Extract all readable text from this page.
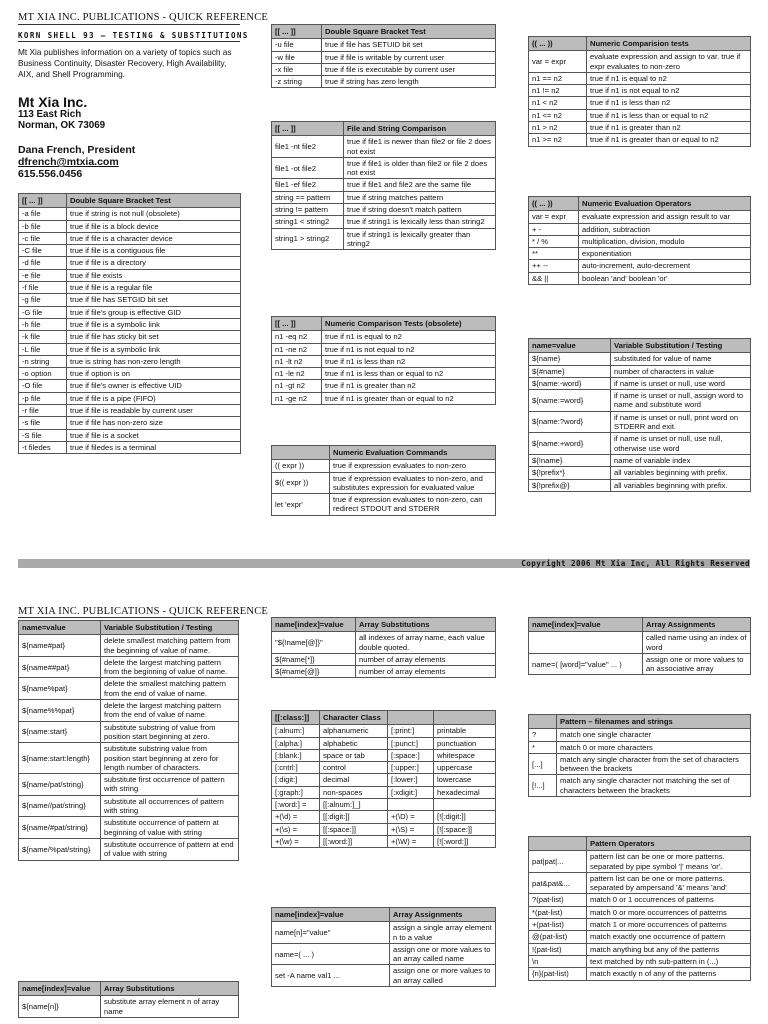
MT XIA INC. PUBLICATIONS - QUICK REFERENCE
KORN SHELL 93 – TESTING & SUBSTITUTIONS
Mt Xia publishes information on a variety of topics such as Business Continuity, Disaster Recovery, High Availability, AIX, and Shell Programming.
Mt Xia Inc.
113 East Rich
Norman, OK 73069
Dana French, President
dfrench@mtxia.com
615.556.0456
[[ ... ]]	Double Square Bracket Test
-a file	true if string is not null (obsolete)
-b file	true if file is a block device
-c file	true if file is a character device
-C file	true if file is a contiguous file
-d file	true if file is a directory
-e file	true if file exists
-f file	true if file is a regular file
-g file	true if file has SETGID bit set
-G file	true if file's group is effective GID
-h file	true if file is a symbolic link
-k file	true if file has sticky bit set
-L file	true if file is a symbolic link
-n string	true is string has non-zero length
-o option	true if option is on
-O file	true if file's owner is effective UID
-p file	true if file is a pipe (FIFO)
-r file	true if file is readable by current user
-s file	true if file has non-zero size
-S file	true if file is a socket
-t filedes	true if filedes is a terminal
[[ ... ]]	Double Square Bracket Test
-u file	true if file has SETUID bit set
-w file	true if file is writable by current user
-x file	true if file is executable by current user
-z string	true if string has zero length
[[ ... ]]	File and String Comparison
file1 -nt file2	true if file1 is newer than file2 or file 2 does not exist
file1 -ot file2	true if file1 is older than file2 or file 2 does not exist
file1 -ef file2	true if file1 and file2 are the same file
string == pattern	true if string matches pattern
string != pattern	true if string doesn't match pattern
string1 < string2	true if string1 is lexically less than string2
string1 > string2	true if string1 is lexically greater than string2
[[ ... ]]	Numeric Comparison Tests (obsolete)
n1 -eq n2	true if n1 is equal to n2
n1 -ne n2	true if n1 is not equal to n2
n1 -lt n2	true if n1 is less than n2
n1 -le n2	true if n1 is less than or equal to n2
n1 -gt n2	true if n1 is greater than n2
n1 -ge n2	true if n1 is greater than or equal to n2
	Numeric Evaluation Commands
(( expr ))	true if expression evaluates to non-zero
$(( expr ))	true if expression evaluates to non-zero, and substitutes expression for evaluated value
let 'expr'	true if expression evaluates to non-zero, can redirect STDOUT and STDERR
(( ... ))	Numeric Comparision tests
var = expr	evaluate expression and assign to var. true if expr evaluates to non-zero
n1 == n2	true if n1 is equal to n2
n1 != n2	true if n1 is not equal to n2
n1 < n2	true if n1 is less than n2
n1 <= n2	true if n1 is less than or equal to n2
n1 > n2	true if n1 is greater than n2
n1 >= n2	true if n1 is greater than or equal to n2
(( ... ))	Numeric Evaluation Operators
var = expr	evaluate expression and assign result to var
+ -	addition, subtraction
* / %	multiplication, division, modulo
**	exponentiation
++ --	auto-increment, auto-decrement
&& ||	boolean 'and' boolean 'or'
name=value	Variable Substitution / Testing
${name}	substituted for value of name
${#name}	number of characters in value
${name:-word}	if name is unset or null, use word
${name:=word}	if name is unset or null, assign word to name and substitute word
${name:?word}	if name is unset or null, print word on STDERR and exit.
${name:+word}	if name is unset or null, use null, otherwise use word
${!name}	name of variable index
${!prefix*}	all variables beginning with prefix.
${!prefix@}	all variables beginning with prefix.
Copyright 2006 Mt Xia Inc, All Rights Reserved
MT XIA INC. PUBLICATIONS - QUICK REFERENCE
name=value	Variable Substitution / Testing
${name#pat}	delete smallest matching pattern from the beginning of value of name.
${name##pat}	delete the largest matching pattern from the beginning of value of name.
${name%pat}	delete the smallest matching pattern from the end of value of name.
${name%%pat}	delete the largest matching pattern from the end of value of name.
${name:start}	substitute substring of value from position start beginning at zero.
${name:start:length}	substitute substring value from position start beginning at zero for length number of characters.
${name/pat/string}	substitute first occurrence of pattern with string
${name//pat/string}	substitute all occurrences of pattern with string
${name/#pat/string}	substitute occurrence of pattern at beginning of value with string
${name/%pat/string}	substitute occurrence of pattern at end of value with string
name[index]=value	Array Substitutions
${name[n]}	substitute array element n of array name
name[index]=value	Array Substitutions
"${!name[@]}"	all indexes of array name, each value double quoted.
${#name[*]}	number of array elements
${#name[@]}	number of array elements
[[:class:]]	Character Class		
[:alnum:]	alphanumeric	[:print:]	printable
[:alpha:]	alphabetic	[:punct:]	punctuation
[:blank:]	space or tab	[:space:]	whitespace
[:cntrl:]	control	[:upper:]	uppercase
[:digit:]	decimal	[:lower:]	lowercase
[:graph:]	non-spaces	[:xdigit:]	hexadecimal
[:word:] =	[[:alnum:]_]		
+(\d) =	[[:digit:]]	+(\D) =	[![:digit:]]
+(\s) =	[[:space:]]	+(\S) =	[![:space:]]
+(\w) =	[[:word:]]	+(\W) =	[![:word:]]
name[index]=value	Array Assignments
name[n]="value"	assign a single array element n to a value
name=( ... )	assign one or more values to an array called name
set -A name val1 ...	assign one or more values to an array called
name[index]=value	Array Assignments
	called name using an index of word
name=( [word]="value" ... )	assign one or more values to an associative array
	Pattern – filenames and strings
?	match one single character
*	match 0 or more characters
[...]	match any single character from the set of characters between the brackets
[!...]	match any single character not matching the set of characters between the brackets
	Pattern Operators
pat|pat|...	pattern list can be one or more patterns. separated by pipe symbol '|' means 'or'.
pat&pat&...	pattern list can be one or more patterns. separated by ampersand '&' means 'and'
?(pat-list)	match 0 or 1 occurrences of patterns
*(pat-list)	match 0 or more occurrences of patterns
+(pat-list)	match 1 or more occurrences of patterns
@(pat-list)	match exactly one occurrence of pattern
!(pat-list)	match anything but any of the patterns
\n	text matched by nth sub-pattern in (...)
{n}(pat-list)	match exactly n of any of the patterns
